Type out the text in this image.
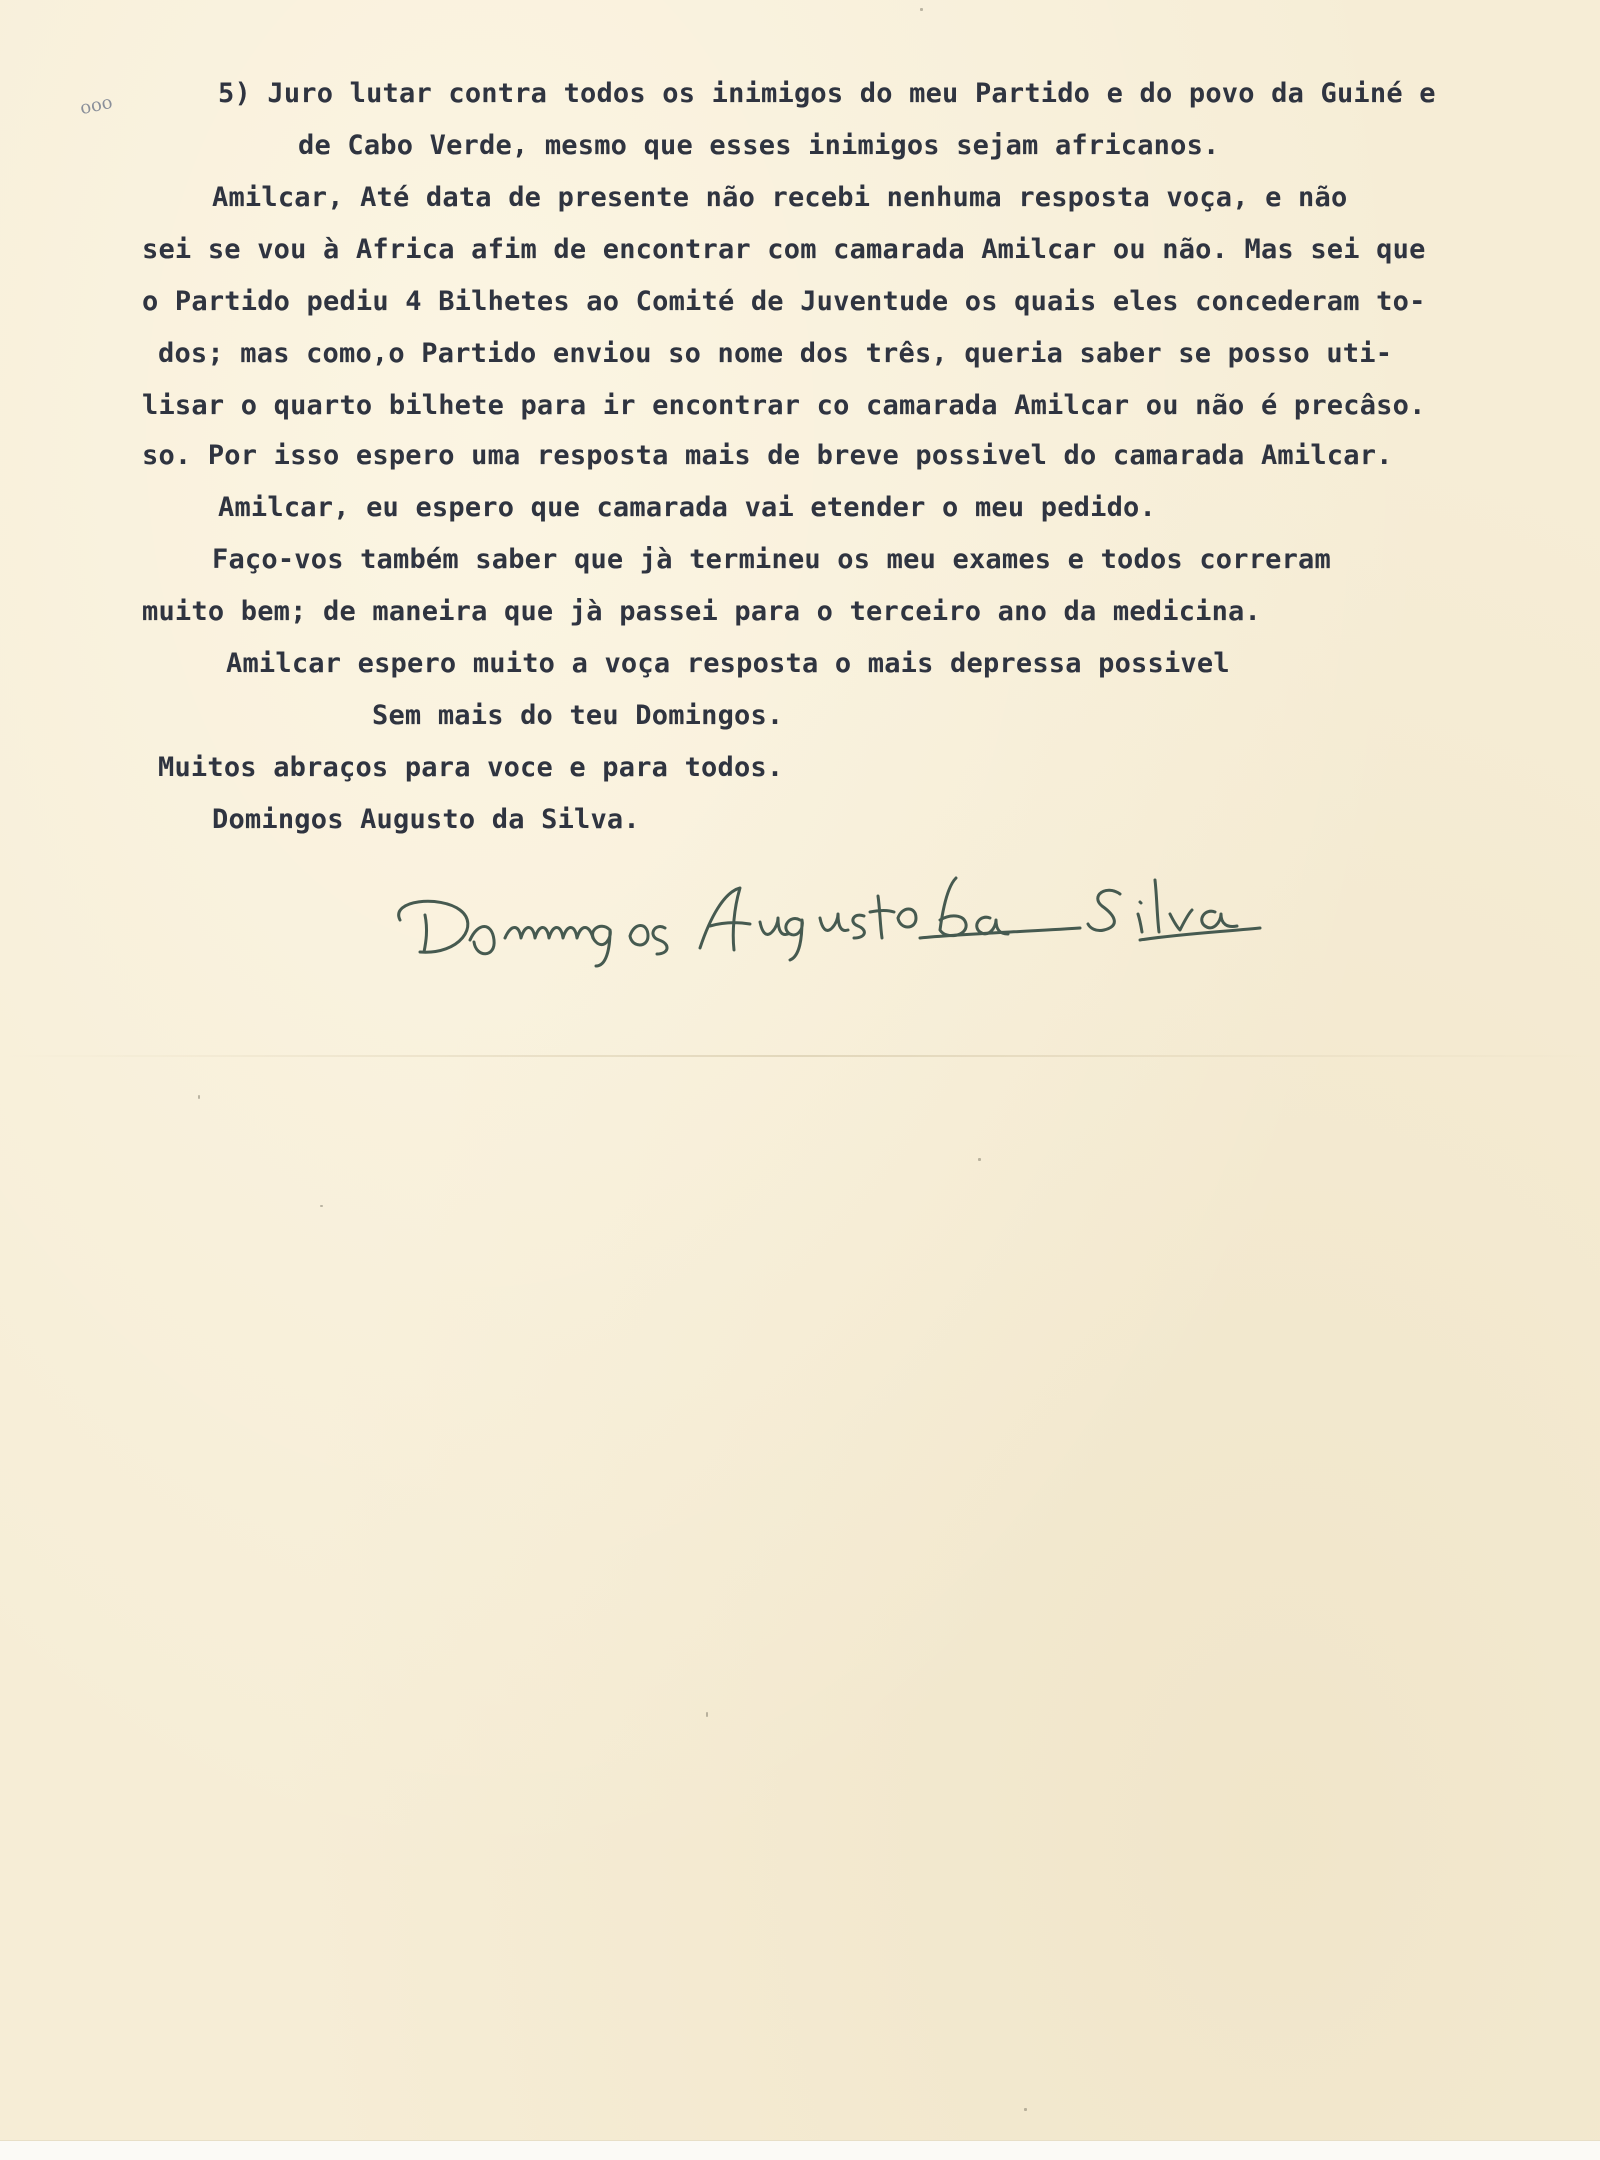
ooo	5) Juro lutar contra todos os inimigos do meu Partido e do povo da Guiné e
de Cabo Verde, mesmo que esses inimigos sejam africanos.
Amilcar, Até data de presente não recebi nenhuma resposta voça, e não
sei se vou à Africa afim de encontrar com camarada Amilcar ou não. Mas sei que
o Partido pediu 4 Bilhetes ao Comité de Juventude os quais eles concederam to-
dos; mas como,o Partido enviou so nome dos três, queria saber se posso uti-
lisar o quarto bilhete para ir encontrar co camarada Amilcar ou não é precâso.
so. Por isso espero uma resposta mais de breve possivel do camarada Amilcar.
Amilcar, eu espero que camarada vai etender o meu pedido.
Faço-vos também saber que jà termineu os meu exames e todos correram
muito bem; de maneira que jà passei para o terceiro ano da medicina.
Amilcar espero muito a voça resposta o mais depressa possivel
Sem mais do teu Domingos.
Muitos abraços para voce e para todos.
Domingos Augusto da Silva.
